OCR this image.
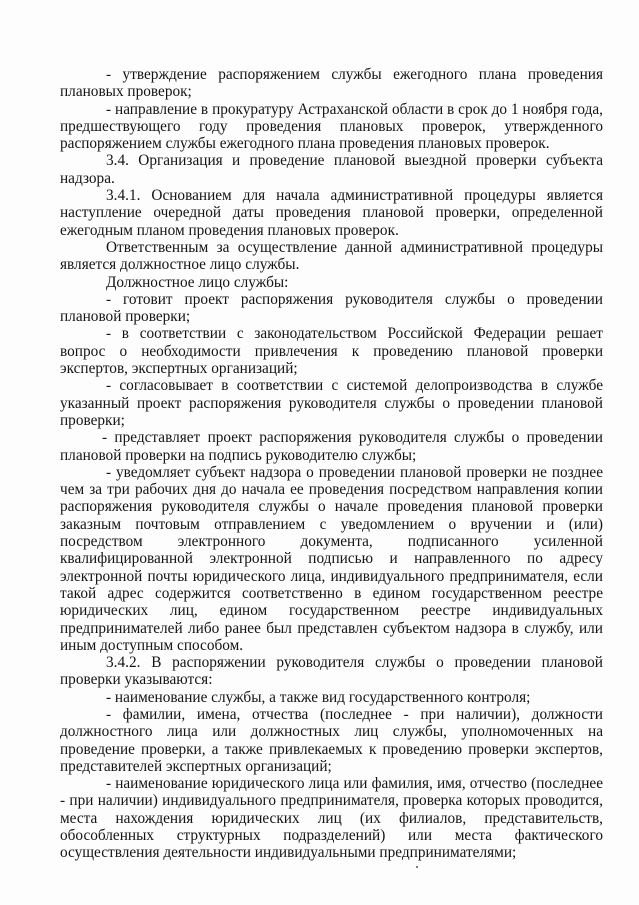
- утверждение распоряжением службы ежегодного плана проведения плановых проверок;

- направление в прокуратуру Астраханской области в срок до 1 ноября года, предшествующего году проведения плановых проверок, утвержденного распоряжением службы ежегодного плана проведения плановых проверок.

3.4. Организация и проведение плановой выездной проверки субъекта надзора.

3.4.1. Основанием для начала административной процедуры является наступление очередной даты проведения плановой проверки, определенной ежегодным планом проведения плановых проверок.

Ответственным за осуществление данной административной процедуры является должностное лицо службы.

Должностное лицо службы:

- готовит проект распоряжения руководителя службы о проведении плановой проверки;

- в соответствии с законодательством Российской Федерации решает вопрос о необходимости привлечения к проведению плановой проверки экспертов, экспертных организаций;

- согласовывает в соответствии с системой делопроизводства в службе указанный проект распоряжения руководителя службы о проведении плановой проверки;

- представляет проект распоряжения руководителя службы о проведении плановой проверки на подпись руководителю службы;

- уведомляет субъект надзора о проведении плановой проверки не позднее чем за три рабочих дня до начала ее проведения посредством направления копии распоряжения руководителя службы о начале проведения плановой проверки заказным почтовым отправлением с уведомлением о вручении и (или) посредством электронного документа, подписанного усиленной квалифицированной электронной подписью и направленного по адресу электронной почты юридического лица, индивидуального предпринимателя, если такой адрес содержится соответственно в едином государственном реестре юридических лиц, едином государственном реестре индивидуальных предпринимателей либо ранее был представлен субъектом надзора в службу, или иным доступным способом.

3.4.2. В распоряжении руководителя службы о проведении плановой проверки указываются:

- наименование службы, а также вид государственного контроля;

- фамилии, имена, отчества (последнее - при наличии), должности должностного лица или должностных лиц службы, уполномоченных на проведение проверки, а также привлекаемых к проведению проверки экспертов, представителей экспертных организаций;

- наименование юридического лица или фамилия, имя, отчество (последнее - при наличии) индивидуального предпринимателя, проверка которых проводится, места нахождения юридических лиц (их филиалов, представительств, обособленных структурных подразделений) или места фактического осуществления деятельности индивидуальными предпринимателями;
